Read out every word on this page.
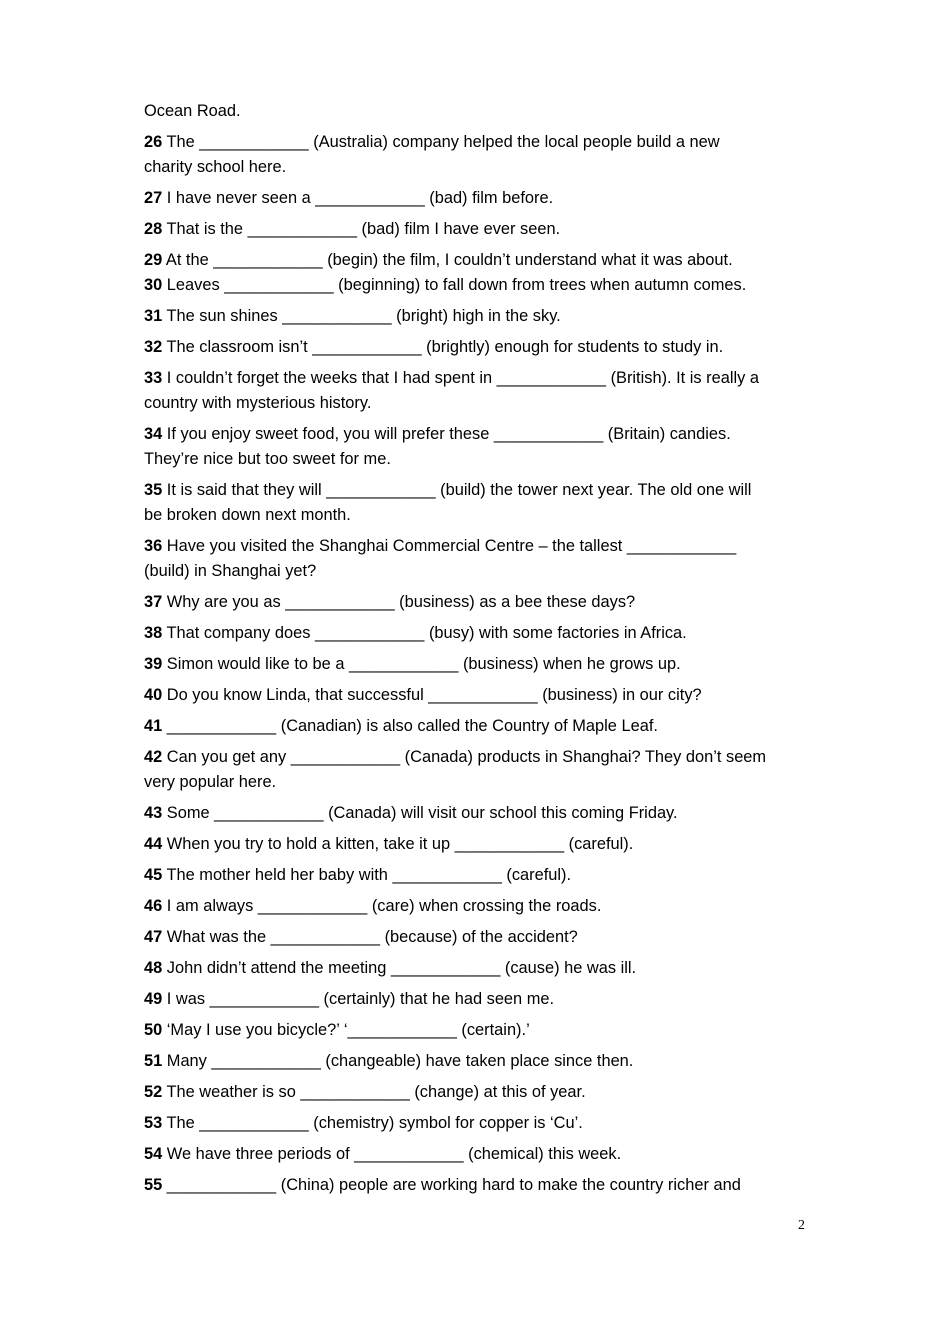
Ocean Road.

26 The ____________ (Australia) company helped the local people build a new
charity school here.

27 I have never seen a ____________ (bad) film before.

28 That is the ____________ (bad) film I have ever seen.

29 At the ____________ (begin) the film, I couldn’t understand what it was about.

30 Leaves ____________ (beginning) to fall down from trees when autumn comes.

31 The sun shines ____________ (bright) high in the sky.

32 The classroom isn’t ____________ (brightly) enough for students to study in.

33 I couldn’t forget the weeks that I had spent in ____________ (British). It is really a
country with mysterious history.

34 If you enjoy sweet food, you will prefer these ____________ (Britain) candies.
They’re nice but too sweet for me.

35 It is said that they will ____________ (build) the tower next year. The old one will
be broken down next month.

36 Have you visited the Shanghai Commercial Centre – the tallest ____________
(build) in Shanghai yet?

37 Why are you as ____________ (business) as a bee these days?

38 That company does ____________ (busy) with some factories in Africa.

39 Simon would like to be a ____________ (business) when he grows up.

40 Do you know Linda, that successful ____________ (business) in our city?

41 ____________ (Canadian) is also called the Country of Maple Leaf.

42 Can you get any ____________ (Canada) products in Shanghai? They don’t seem
very popular here.

43 Some ____________ (Canada) will visit our school this coming Friday.

44 When you try to hold a kitten, take it up ____________ (careful).

45 The mother held her baby with ____________ (careful).

46 I am always ____________ (care) when crossing the roads.

47 What was the ____________ (because) of the accident?

48 John didn’t attend the meeting ____________ (cause) he was ill.

49 I was ____________ (certainly) that he had seen me.

50 ‘May I use you bicycle?’ ‘____________ (certain).’

51 Many ____________ (changeable) have taken place since then.

52 The weather is so ____________ (change) at this of year.

53 The ____________ (chemistry) symbol for copper is ‘Cu’.

54 We have three periods of ____________ (chemical) this week.

55 ____________ (China) people are working hard to make the country richer and

2
